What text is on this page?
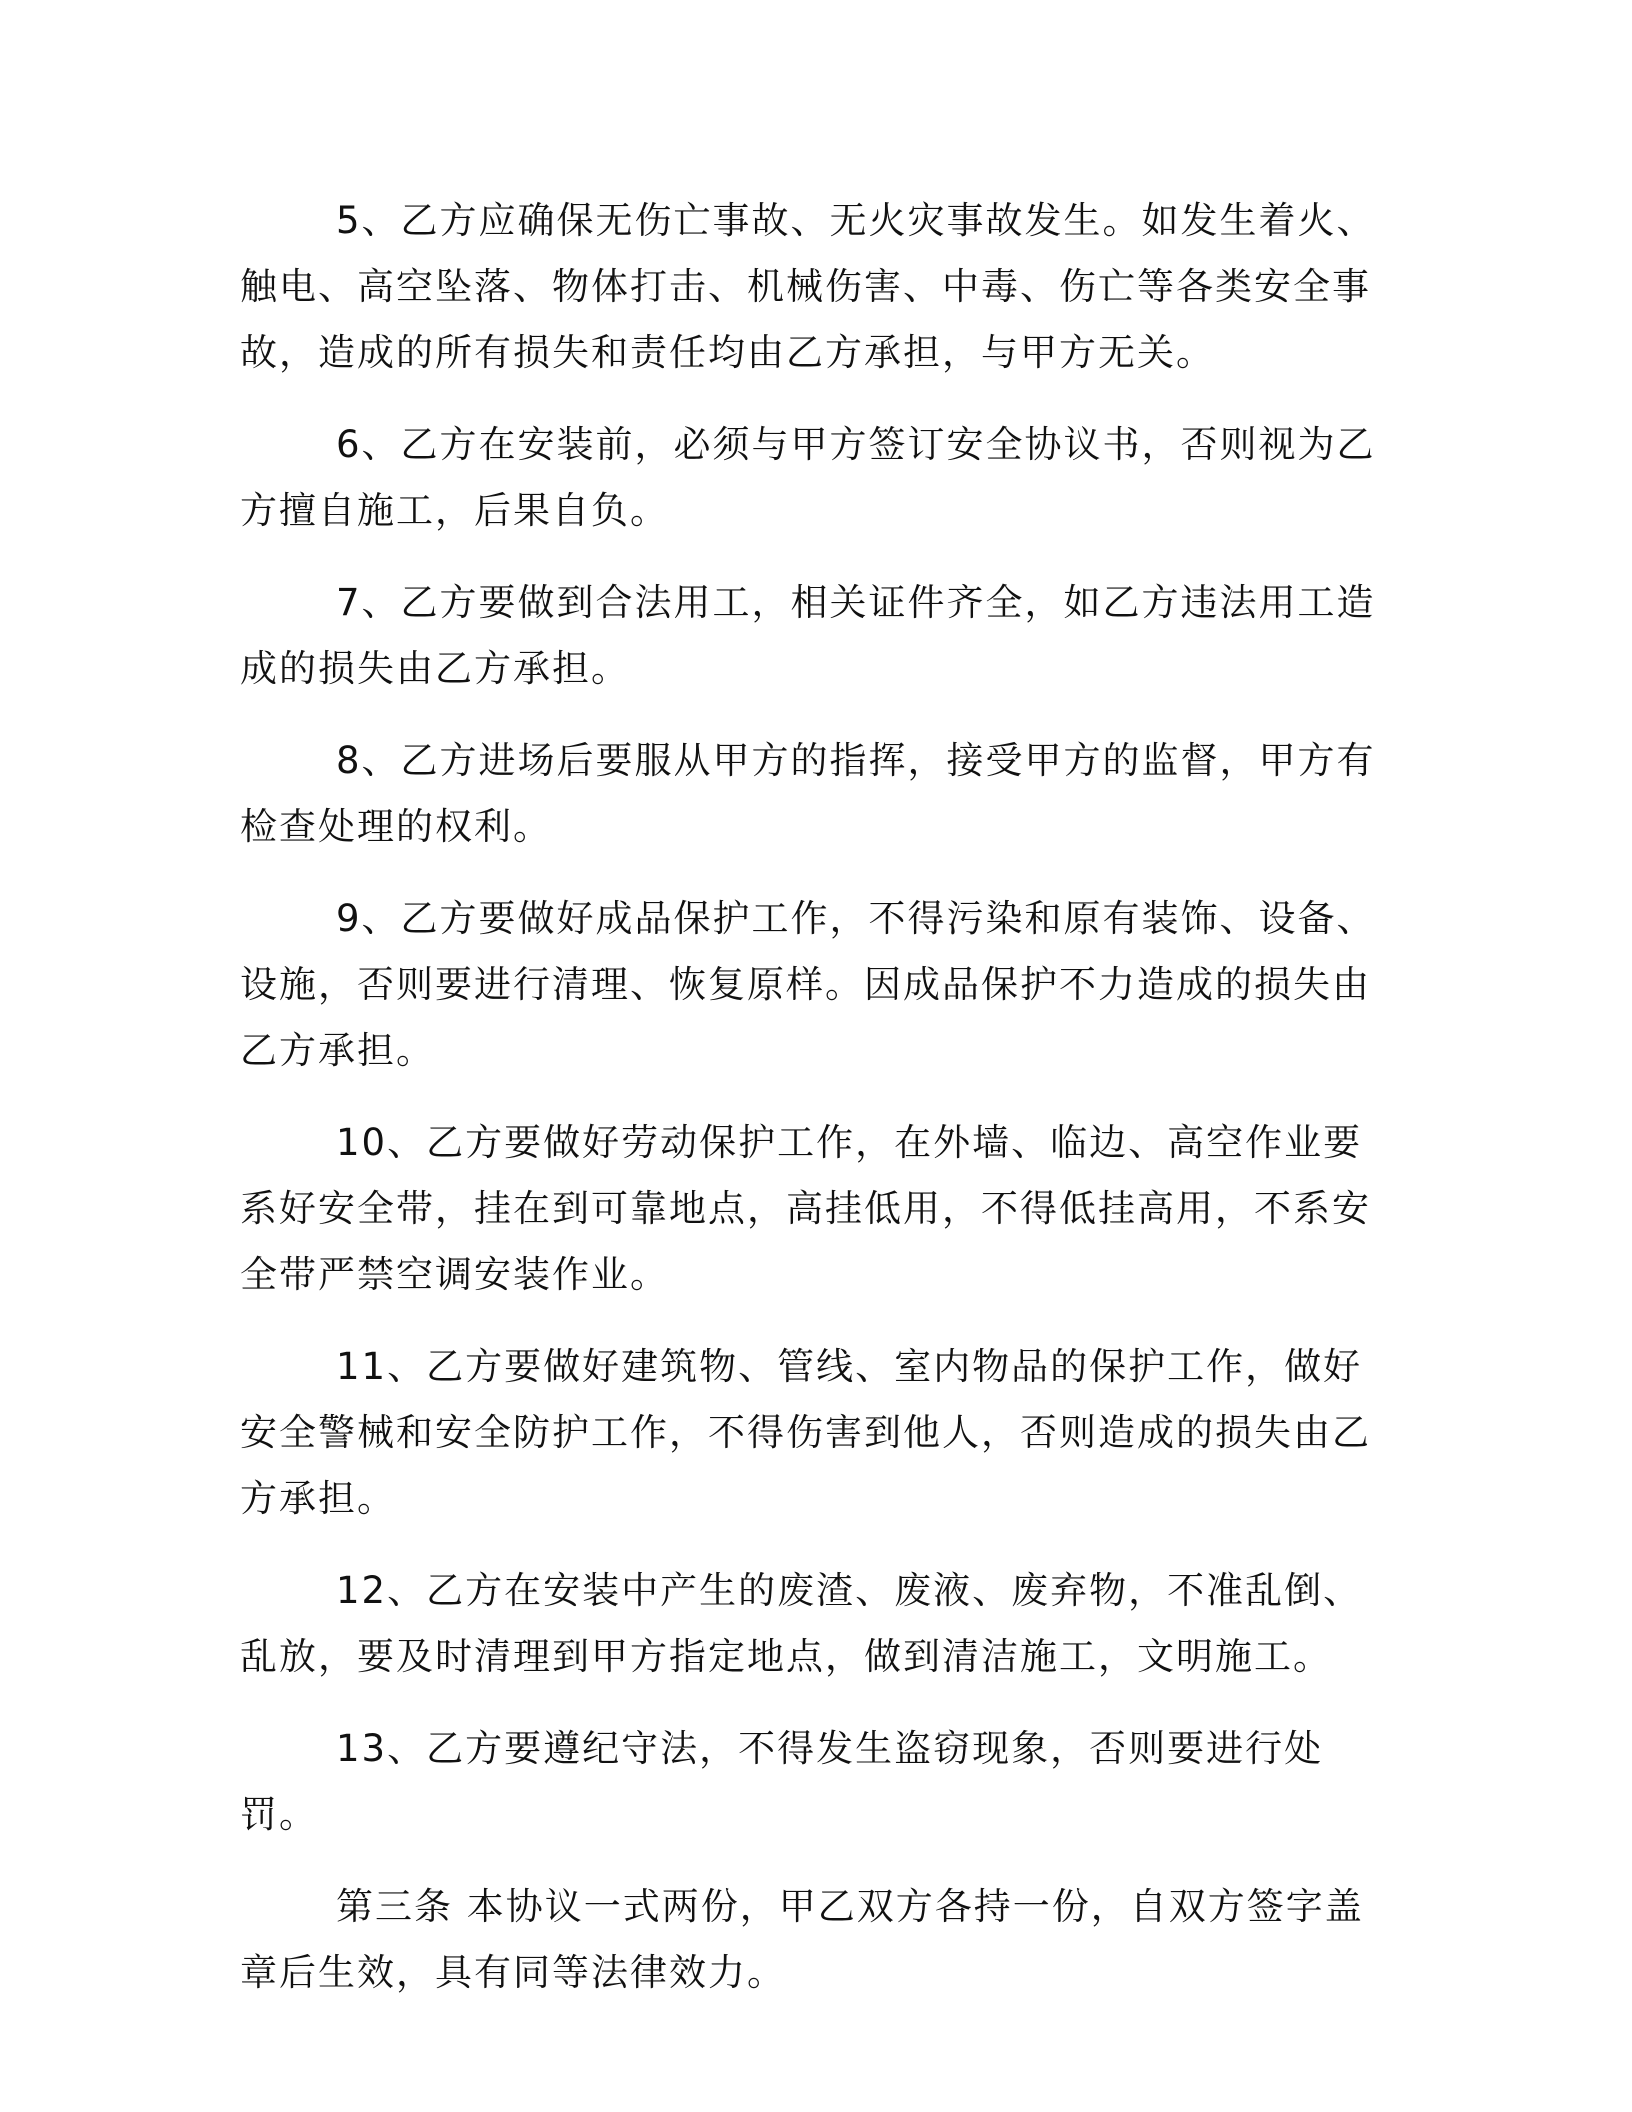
5、乙方应确保无伤亡事故、无火灾事故发生。如发生着火、触电、高空坠落、物体打击、机械伤害、中毒、伤亡等各类安全事故，造成的所有损失和责任均由乙方承担，与甲方无关。

6、乙方在安装前，必须与甲方签订安全协议书，否则视为乙方擅自施工，后果自负。

7、乙方要做到合法用工，相关证件齐全，如乙方违法用工造成的损失由乙方承担。

8、乙方进场后要服从甲方的指挥，接受甲方的监督，甲方有检查处理的权利。

9、乙方要做好成品保护工作，不得污染和原有装饰、设备、设施，否则要进行清理、恢复原样。因成品保护不力造成的损失由乙方承担。

10、乙方要做好劳动保护工作，在外墙、临边、高空作业要系好安全带，挂在到可靠地点，高挂低用，不得低挂高用，不系安全带严禁空调安装作业。

11、乙方要做好建筑物、管线、室内物品的保护工作，做好安全警械和安全防护工作，不得伤害到他人，否则造成的损失由乙方承担。

12、乙方在安装中产生的废渣、废液、废弃物，不准乱倒、乱放，要及时清理到甲方指定地点，做到清洁施工，文明施工。

13、乙方要遵纪守法，不得发生盗窃现象，否则要进行处罚。

第三条 本协议一式两份，甲乙双方各持一份，自双方签字盖章后生效，具有同等法律效力。
